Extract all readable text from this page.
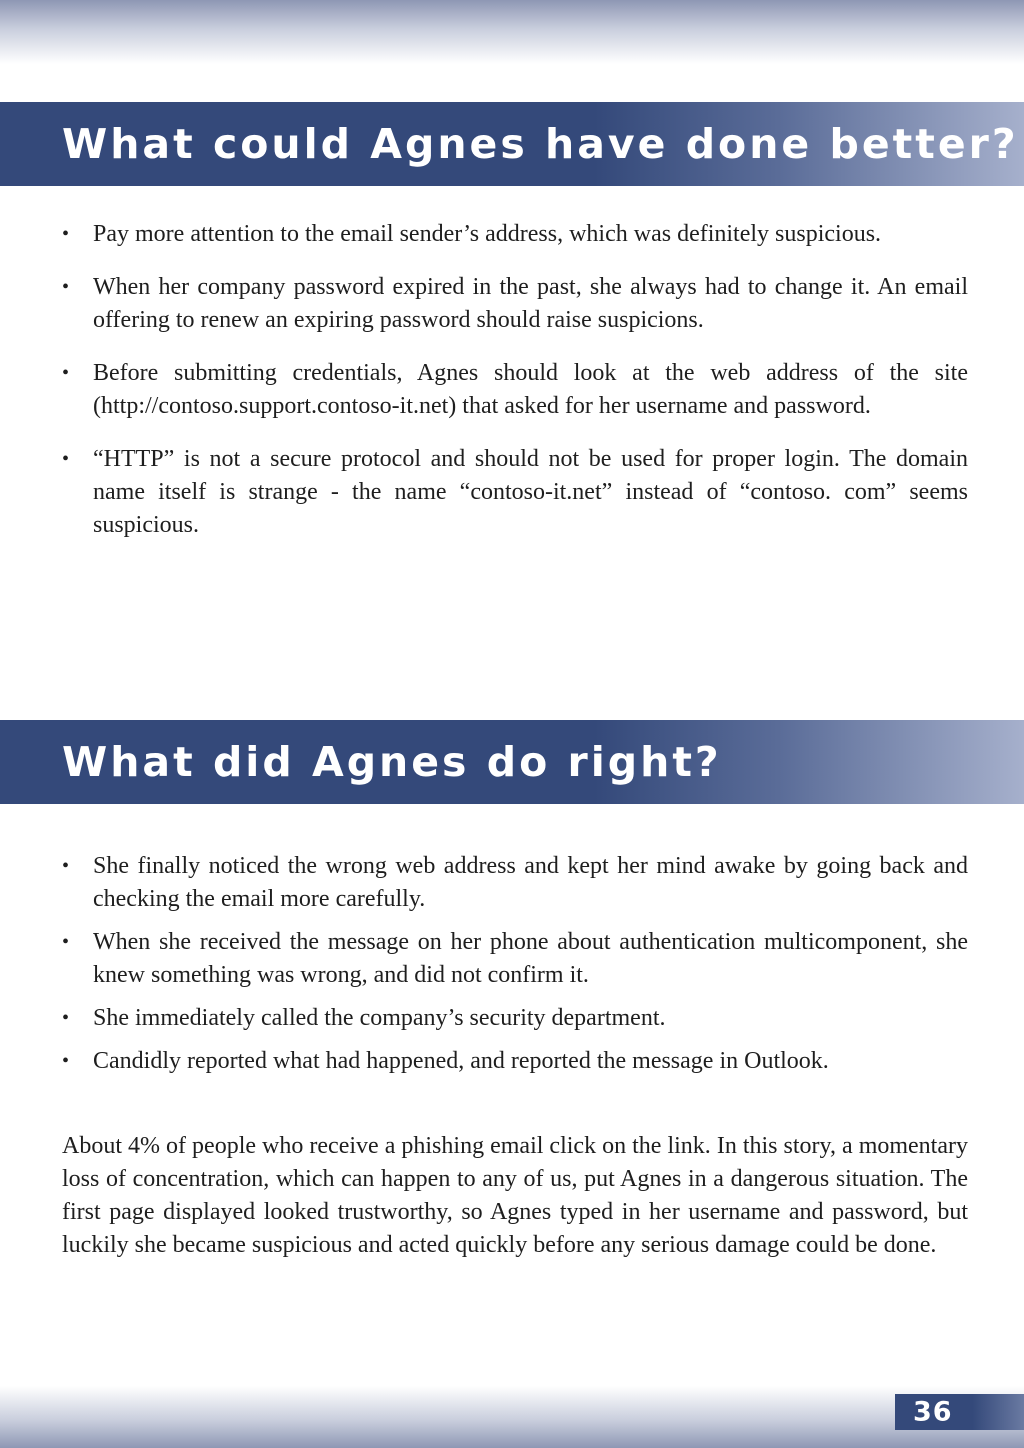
What could Agnes have done better?
• Pay more attention to the email sender’s address, which was definitely suspicious.
• When her company password expired in the past, she always had to change it. An email offering to renew an expiring password should raise suspicions.
• Before submitting credentials, Agnes should look at the web address of the site (http://contoso.support.contoso-it.net) that asked for her username and password.
• “HTTP” is not a secure protocol and should not be used for proper login. The domain name itself is strange - the name “contoso-it.net” instead of “contoso. com” seems suspicious.
What did Agnes do right?
• She finally noticed the wrong web address and kept her mind awake by going back and checking the email more carefully.
• When she received the message on her phone about authentication multicomponent, she knew something was wrong, and did not confirm it.
• She immediately called the company’s security department.
• Candidly reported what had happened, and reported the message in Outlook.

About 4% of people who receive a phishing email click on the link. In this story, a momentary loss of concentration, which can happen to any of us, put Agnes in a dangerous situation. The first page displayed looked trustworthy, so Agnes typed in her username and password, but luckily she became suspicious and acted quickly before any serious damage could be done.

36
